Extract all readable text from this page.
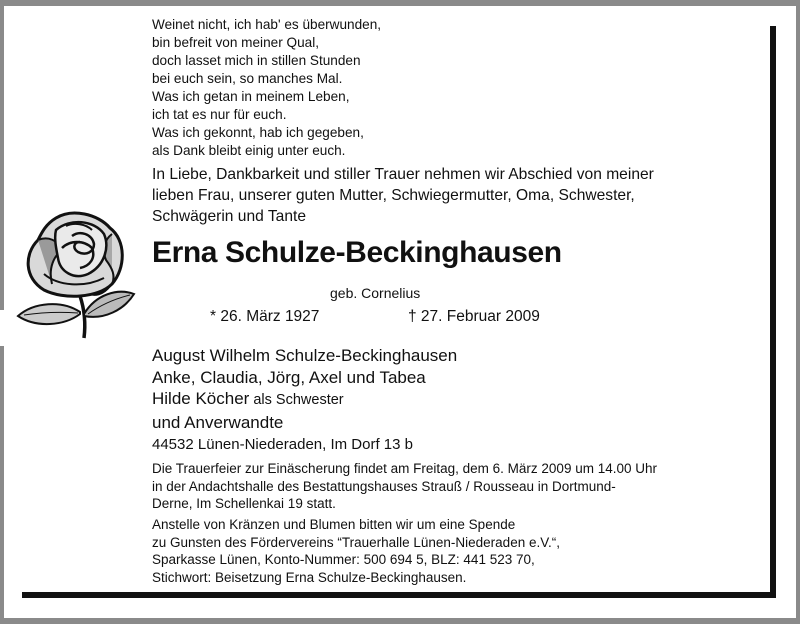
Weinet nicht, ich hab' es überwunden,
bin befreit von meiner Qual,
doch lasset mich in stillen Stunden
bei euch sein, so manches Mal.
Was ich getan in meinem Leben,
ich tat es nur für euch.
Was ich gekonnt, hab ich gegeben,
als Dank bleibt einig unter euch.
In Liebe, Dankbarkeit und stiller Trauer nehmen wir Abschied von meiner
lieben Frau, unserer guten Mutter, Schwiegermutter, Oma, Schwester,
Schwägerin und Tante
Erna Schulze-Beckinghausen
geb. Cornelius
* 26. März 1927	† 27. Februar 2009
August Wilhelm Schulze-Beckinghausen
Anke, Claudia, Jörg, Axel und Tabea
Hilde Köcher als Schwester
und Anverwandte
44532 Lünen-Niederaden, Im Dorf 13 b
Die Trauerfeier zur Einäscherung findet am Freitag, dem 6. März 2009 um 14.00 Uhr
in der Andachtshalle des Bestattungshauses Strauß / Rousseau in Dortmund-
Derne, Im Schellenkai 19 statt.
Anstelle von Kränzen und Blumen bitten wir um eine Spende
zu Gunsten des Fördervereins “Trauerhalle Lünen-Niederaden e.V.“,
Sparkasse Lünen, Konto-Nummer: 500 694 5, BLZ: 441 523 70,
Stichwort: Beisetzung Erna Schulze-Beckinghausen.
